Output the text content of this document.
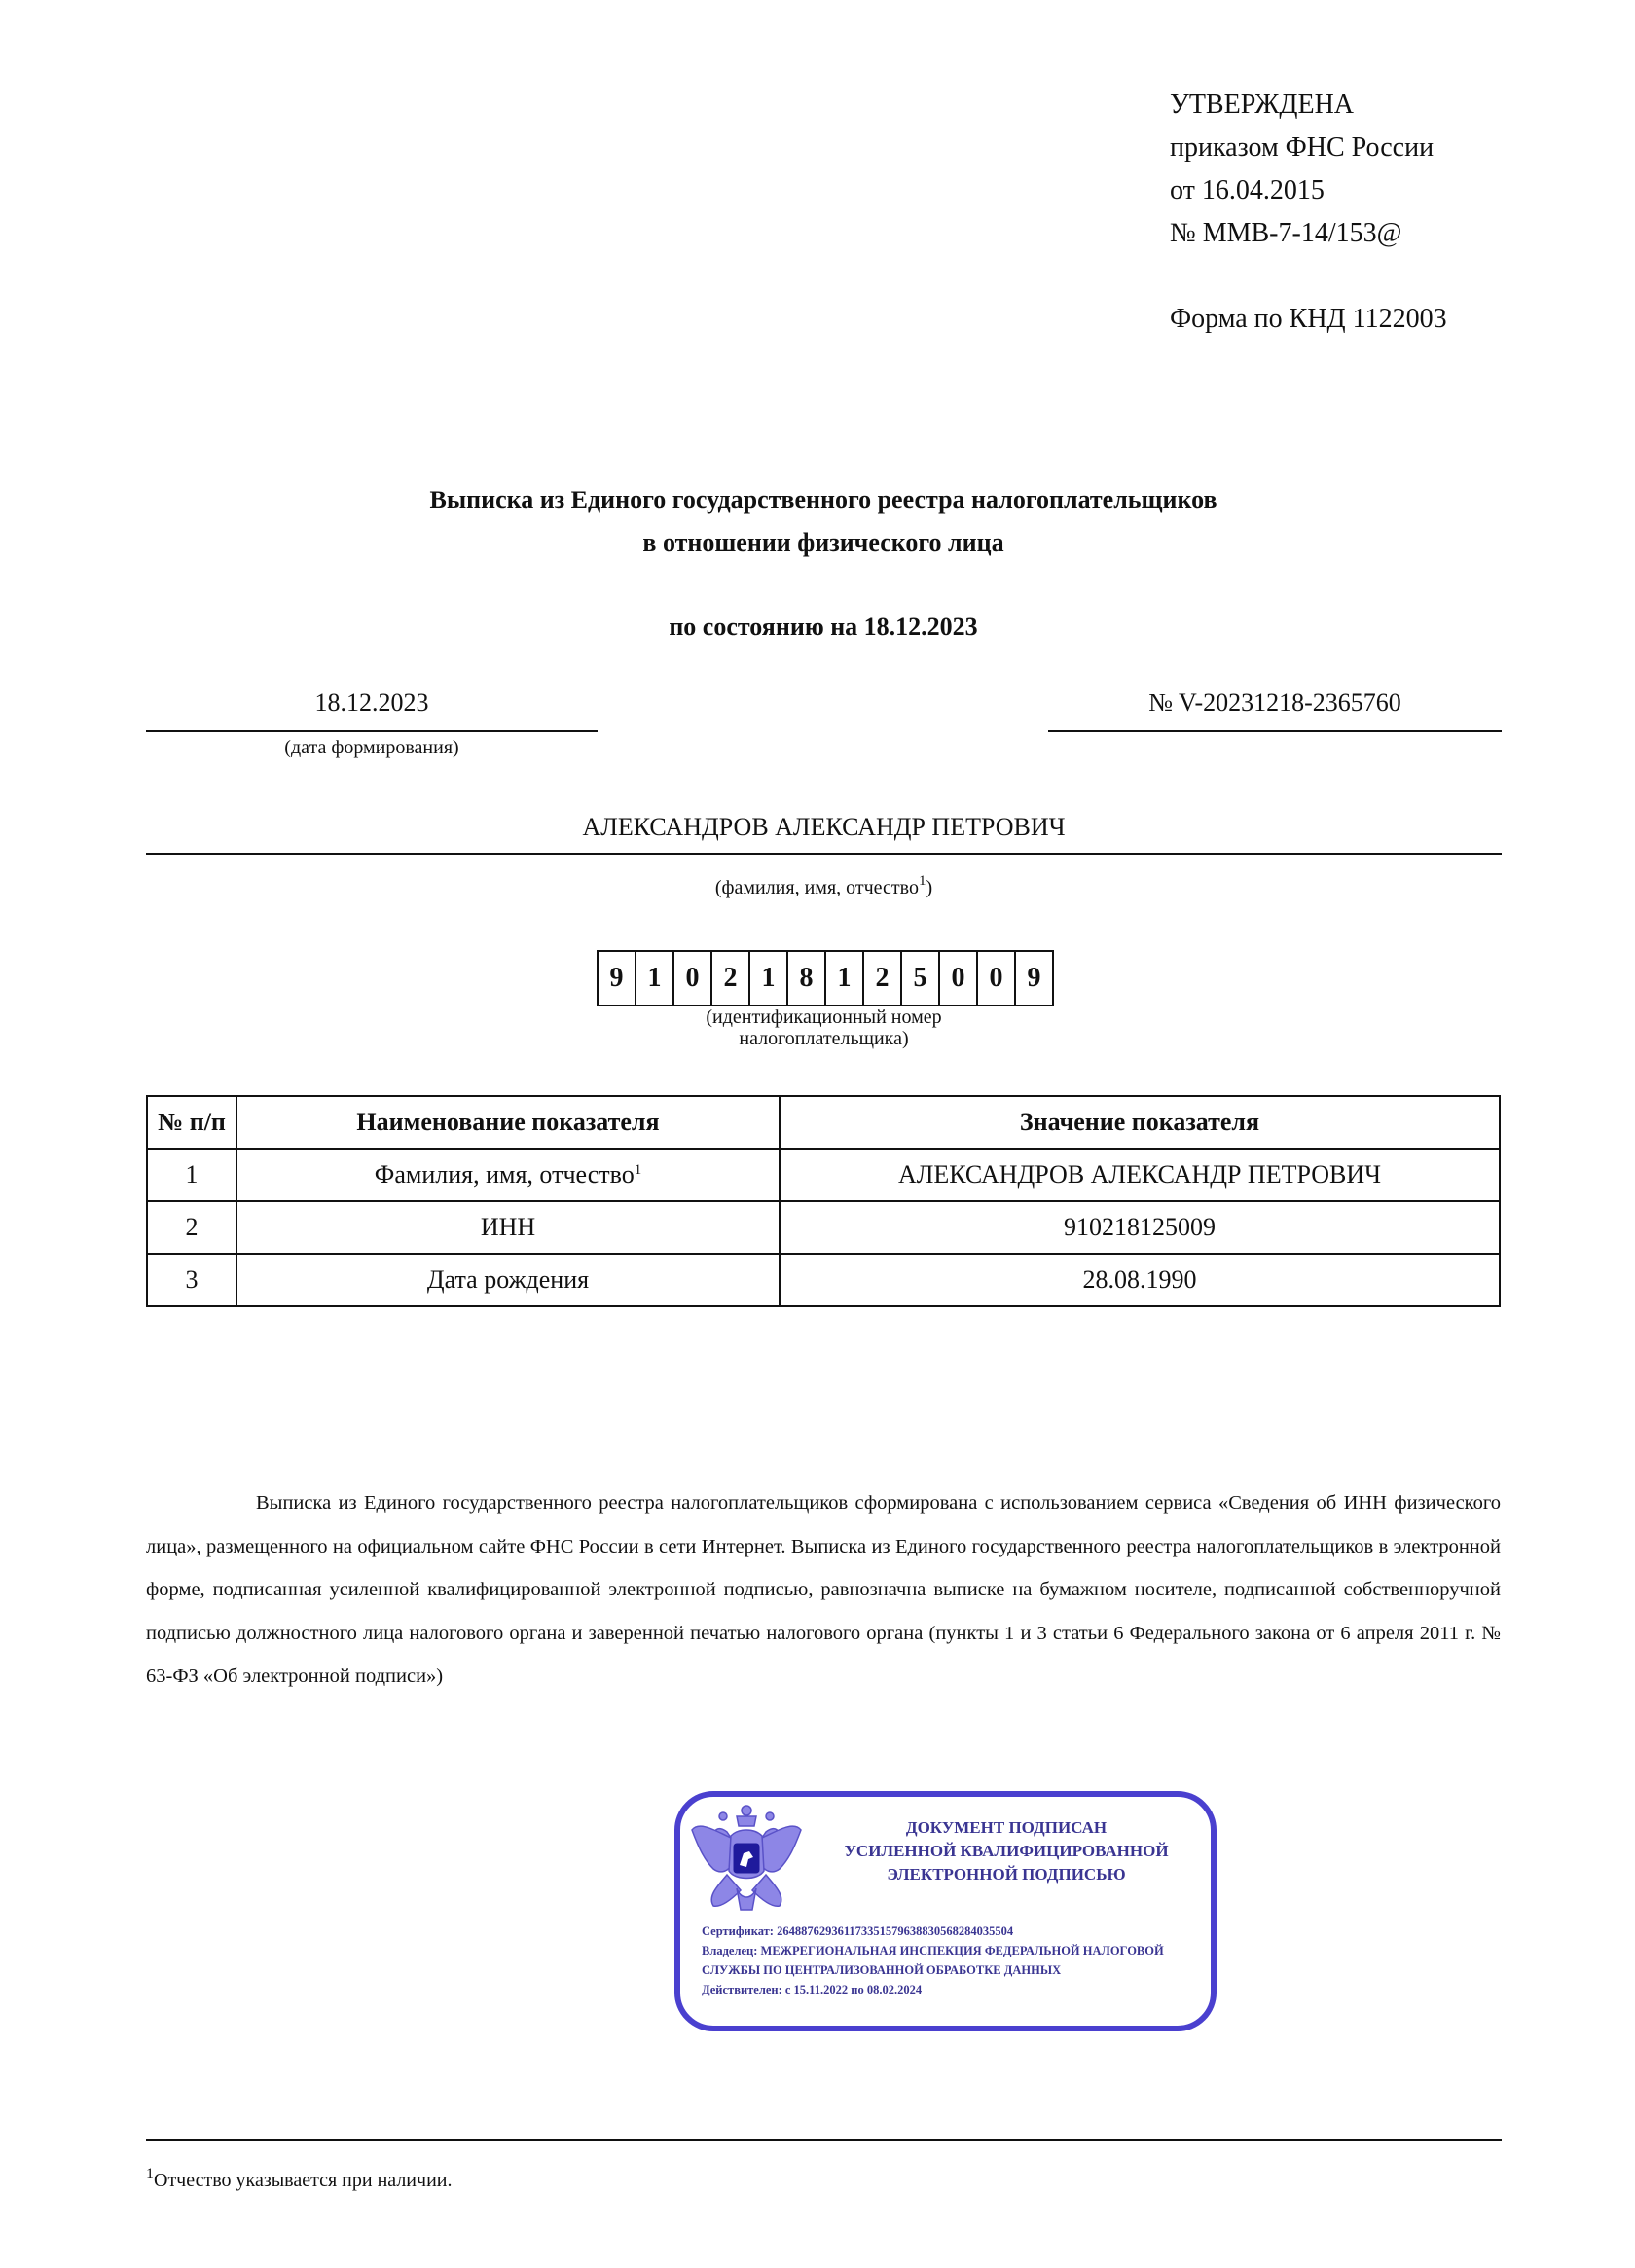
УТВЕРЖДЕНА
приказом ФНС России
от 16.04.2015
№ ММВ-7-14/153@
Форма по КНД 1122003
Выписка из Единого государственного реестра налогоплательщиков
в отношении физического лица
по состоянию на 18.12.2023
18.12.2023
(дата формирования)
№ V-20231218-2365760
АЛЕКСАНДРОВ АЛЕКСАНДР ПЕТРОВИЧ
(фамилия, имя, отчество$^1$)
9 1 0 2 1 8 1 2 5 0 0 9
(идентификационный номер
налогоплательщика)
№ п/п	Наименование показателя	Значение показателя
1	Фамилия, имя, отчество$^1$	АЛЕКСАНДРОВ АЛЕКСАНДР ПЕТРОВИЧ
2	ИНН	910218125009
3	Дата рождения	28.08.1990
Выписка из Единого государственного реестра налогоплательщиков сформирована с использованием сервиса «Сведения об ИНН физического лица», размещенного на официальном сайте ФНС России в сети Интернет. Выписка из Единого государственного реестра налогоплательщиков в электронной форме, подписанная усиленной квалифицированной электронной подписью, равнозначна выписке на бумажном носителе, подписанной собственноручной подписью должностного лица налогового органа и заверенной печатью налогового органа (пункты 1 и 3 статьи 6 Федерального закона от 6 апреля 2011 г. № 63-ФЗ «Об электронной подписи»)
ДОКУМЕНТ ПОДПИСАН
УСИЛЕННОЙ КВАЛИФИЦИРОВАННОЙ
ЭЛЕКТРОННОЙ ПОДПИСЬЮ
Сертификат: 264887629361173351579638830568284035504
Владелец: МЕЖРЕГИОНАЛЬНАЯ ИНСПЕКЦИЯ ФЕДЕРАЛЬНОЙ НАЛОГОВОЙ СЛУЖБЫ ПО ЦЕНТРАЛИЗОВАННОЙ ОБРАБОТКЕ ДАННЫХ
Действителен: с 15.11.2022 по 08.02.2024
$^1$Отчество указывается при наличии.
